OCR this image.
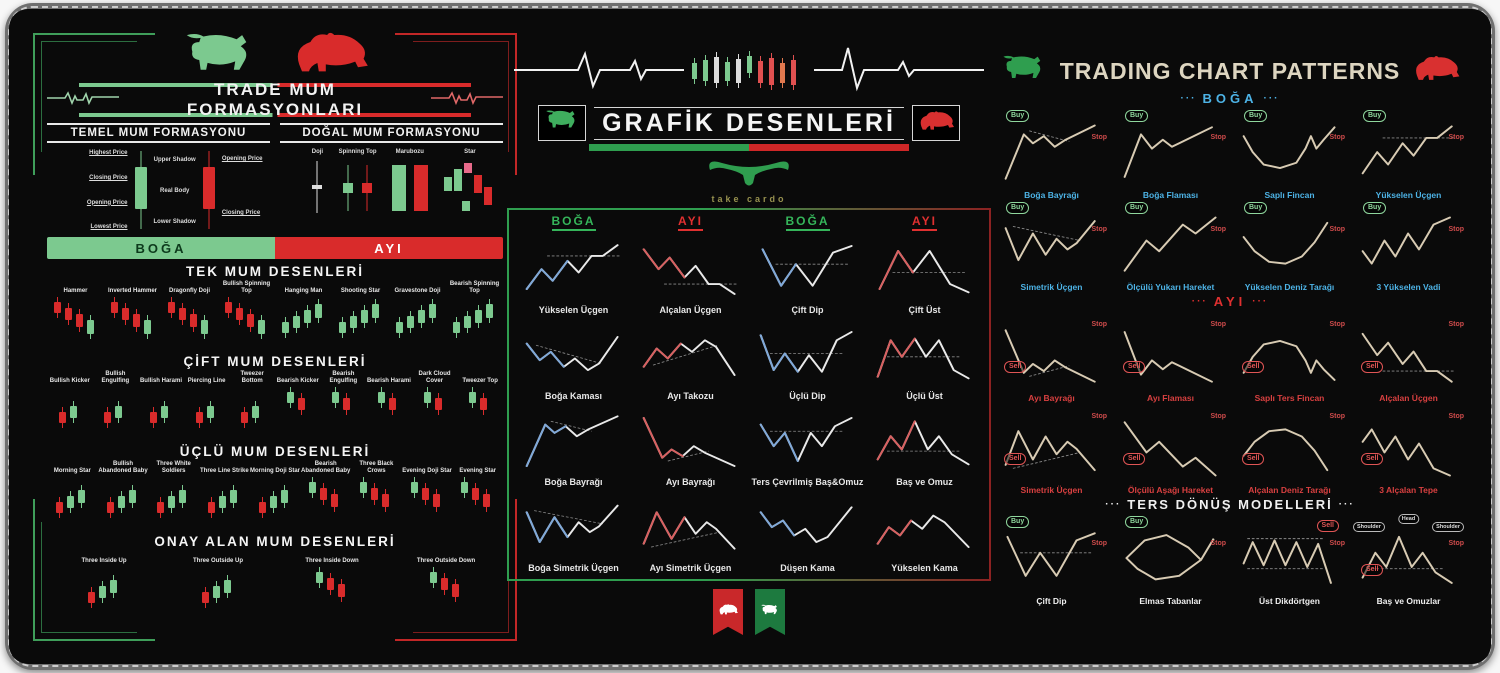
TRADE MUM FORMASYONLARI
TEMEL MUM FORMASYONU	DOĞAL MUM FORMASYONU
Highest Price
Closing Price
Opening Price
Lowest Price
Upper Shadow
Real Body
Lower Shadow
Opening Price
Closing Price
Doji	Spinning Top	Marubozu	Star
BOĞA	AYI
TEK MUM DESENLERİ
Hammer	Inverted Hammer Dragonfly Doji
Bullish Spinning Top	Hanging Man	Shooting Star Gravestone Doji
Bearish Spinning Top
ÇİFT MUM DESENLERİ
Bullish Kicker
Bullish Engulfing	Bullish Harami Piercing Line
Tweezer Bottom	Bearish Kicker
Bearish Engulfing	Bearish Harami
Dark Cloud Cover	Tweezer Top
ÜÇLÜ MUM DESENLERİ
Morning Star
Bullish Abandoned Baby
Three White Soldiers	Three Line Strike Morning Doji Star
Bearish Abandoned Baby
Three Black Crows	Evening Doji Star Evening Star
ONAY ALAN MUM DESENLERİ
Three Inside Up	Three Outside Up	Three Inside Down	Three Outside Down
GRAFİK DESENLERİ
take cardo
BOĞA	AYI	BOĞA	AYI
Yükselen Üçgen	Alçalan Üçgen	Çift Dip	Çift Üst
Boğa Kaması	Ayı Takozu	Üçlü Dip	Üçlü Üst
Boğa Bayrağı	Ayı Bayrağı	Ters Çevrilmiş Baş&Omuz	Baş ve Omuz
Boğa Simetrik Üçgen	Ayı Simetrik Üçgen	Düşen Kama	Yükselen Kama
TRADING CHART PATTERNS
··· BOĞA ···
Buy
Stop
Boğa Bayrağı
Buy
Stop
Boğa Flaması
Buy
Stop
Saplı Fincan
Buy
Stop
Yükselen Üçgen
Buy
Stop
Simetrik Üçgen
Buy
Stop
Ölçülü Yukarı Hareket
Buy
Stop
Yükselen Deniz Tarağı
Buy
Stop
3 Yükselen Vadi
··· AYI ···
Sell
Stop
Ayı Bayrağı
Sell
Stop
Ayı Flaması
Sell
Stop
Saplı Ters Fincan
Sell
Stop
Alçalan Üçgen
Sell
Stop
Simetrik Üçgen
Sell
Stop
Ölçülü Aşağı Hareket
Sell
Stop
Alçalan Deniz Tarağı
Sell
Stop
3 Alçalan Tepe
··· TERS DÖNÜŞ MODELLERİ ···
Buy
Stop
Çift Dip
Buy
Stop
Elmas Tabanlar
Sell
Stop
Üst Dikdörtgen
Shoulder
Head
Shoulder
Sell
Stop
Baş ve Omuzlar
